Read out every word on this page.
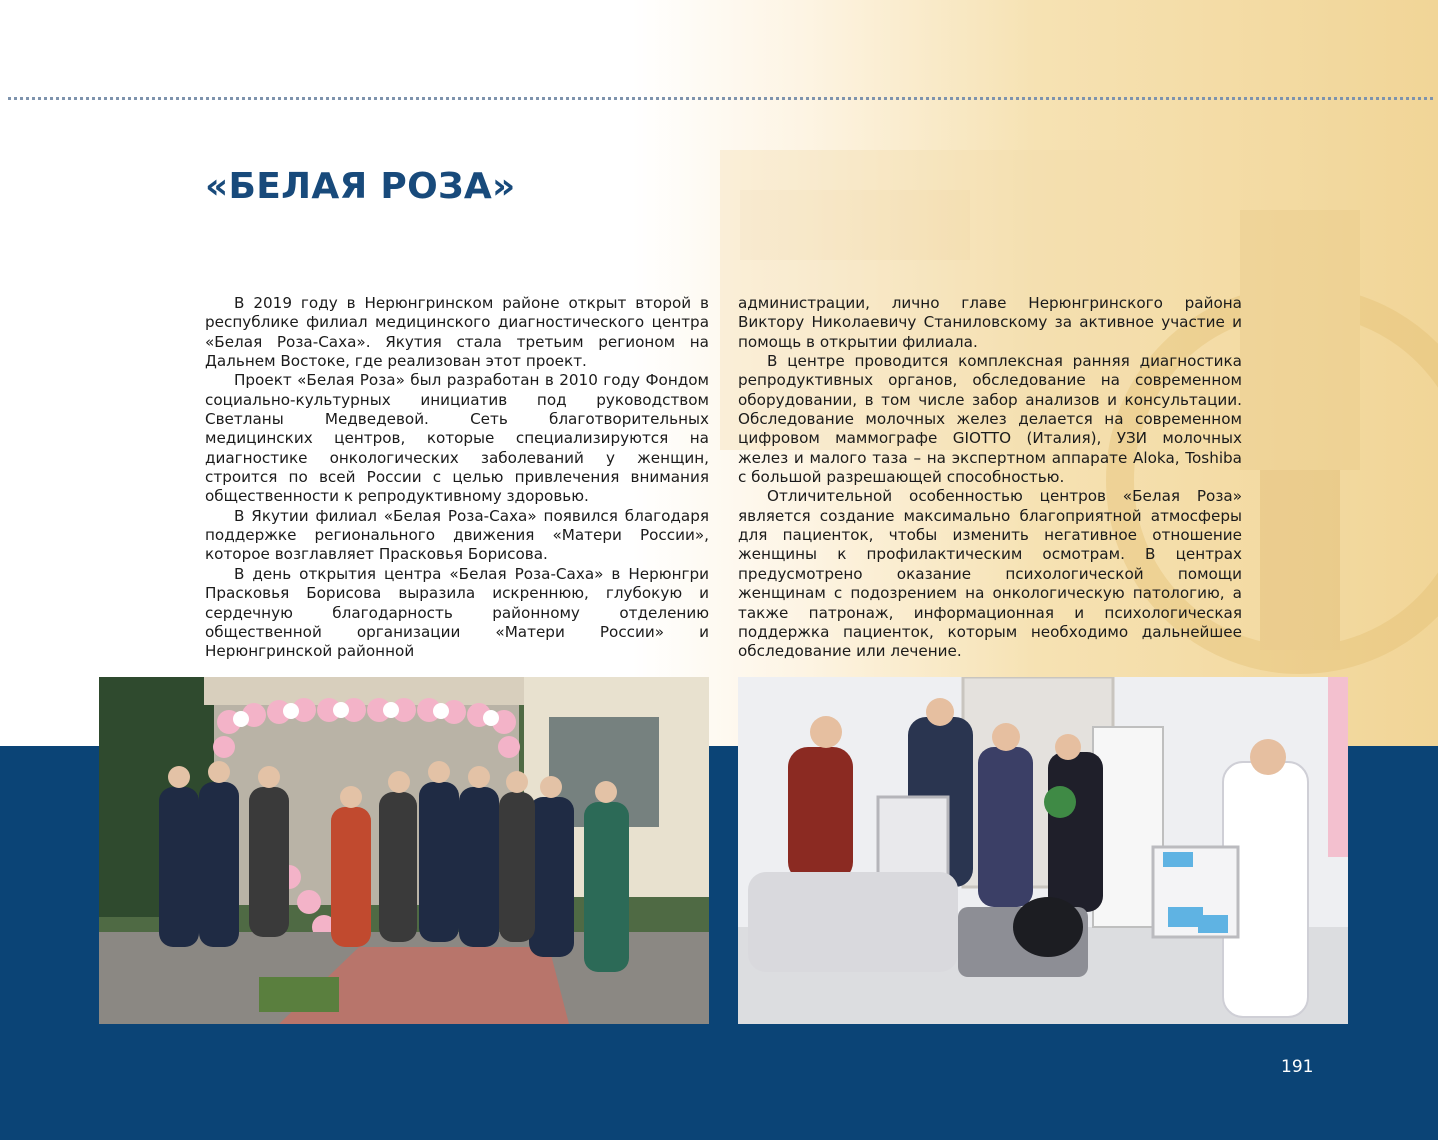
«БЕЛАЯ РОЗА»

В 2019 году в Нерюнгринском районе открыт второй в республике филиал медицинского диагностического центра «Белая Роза-Саха». Якутия стала третьим регионом на Дальнем Востоке, где реализован этот проект.

Проект «Белая Роза» был разработан в 2010 году Фондом социально-культурных инициатив под руководством Светланы Медведевой. Сеть благотворительных медицинских центров, которые специализируются на диагностике онкологических заболеваний у женщин, строится по всей России с целью привлечения внимания общественности к репродуктивному здоровью.

В Якутии филиал «Белая Роза-Саха» появился благодаря поддержке регионального движения «Матери России», которое возглавляет Прасковья Борисова.

В день открытия центра «Белая Роза-Саха» в Нерюнгри Прасковья Борисова выразила искреннюю, глубокую и сердечную благодарность районному отделению общественной организации «Матери России» и Нерюнгринской районной

администрации, лично главе Нерюнгринского района Виктору Николаевичу Станиловскому за активное участие и помощь в открытии филиала.

В центре проводится комплексная ранняя диагностика репродуктивных органов, обследование на современном оборудовании, в том числе забор анализов и консультации. Обследование молочных желез делается на современном цифровом маммографе GIOTTO (Италия), УЗИ молочных желез и малого таза – на экспертном аппарате Aloka, Toshiba с большой разрешающей способностью.

Отличительной особенностью центров «Белая Роза» является создание максимально благоприятной атмосферы для пациенток, чтобы изменить негативное отношение женщины к профилактическим осмотрам. В центрах предусмотрено оказание психологической помощи женщинам с подозрением на онкологическую патологию, а также патронаж, информационная и психологическая поддержка пациенток, которым необходимо дальнейшее обследование или лечение.

191
